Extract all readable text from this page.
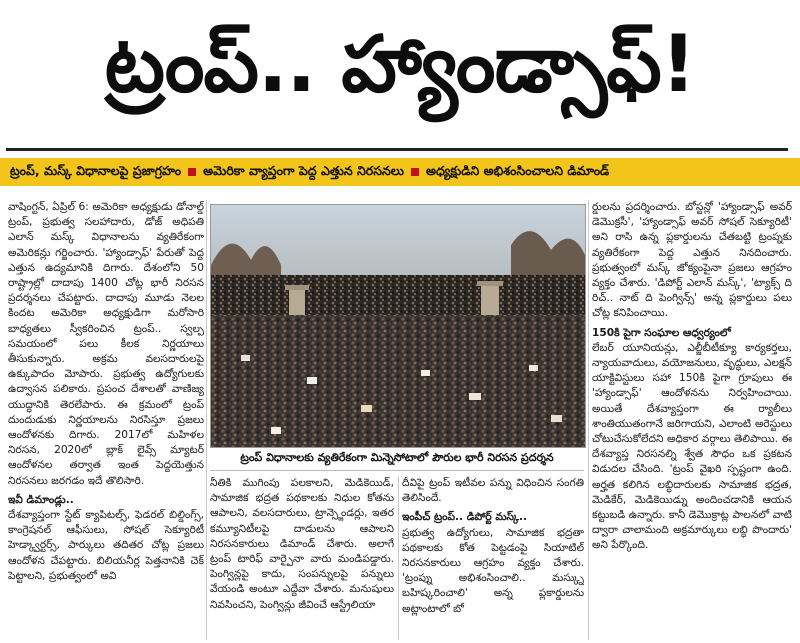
ట్రంప్.. హ్యాండ్సాఫ్!
ట్రంప్, మస్క్ విధానాలపై ప్రజాగ్రహం అమెరికా వ్యాప్తంగా పెద్ద ఎత్తున నిరసనలు అధ్యక్షుడిని అభిశంసించాలని డిమాండ్

వాషింగ్టన్, ఏప్రిల్ 6: అమెరికా అధ్యక్షుడు డోనాల్డ్ ట్రంప్, ప్రభుత్వ సలహాదారు, డోజ్ అధిపతి ఎలాన్ మస్క్ విధానాలను వ్యతిరేకంగా అమెరికన్లు గర్జించారు. 'హ్యాండ్సాఫ్' పేరుతో పెద్ద ఎత్తున ఉద్యమానికి దిగారు. దేశంలోని 50 రాష్ట్రాల్లో దాదాపు 1400 చోట్ల భారీ నిరసన ప్రదర్శనలు చేపట్టారు. దాదాపు మూడు నెలల కిందట అమెరికా అధ్యక్షుడిగా మరోసారి బాధ్యతలు స్వీకరించిన ట్రంప్.. స్వల్ప సమయంలో పలు కీలక నిర్ణయాలు తీసుకున్నారు. అక్రమ వలసదారులపై ఉక్కుపాదం మోపారు. ప్రభుత్వ ఉద్యోగులకు ఉద్వాసన పలికారు. ప్రపంచ దేశాలతో వాణిజ్య యుద్ధానికి తెరలేపారు. ఈ క్రమంలో ట్రంప్ దుందుడుకు నిర్ణయాలను నిరసిస్తూ ప్రజలు ఆందోళనకు దిగారు. 2017లో మహిళల నిరసన, 2020లో బ్లాక్ లైవ్స్ మ్యాటర్ ఆందోళనల తర్వాత ఇంత పెద్దయెత్తున నిరసనలు జరగడం ఇదే తొలిసారి.

ఇవీ డిమాండ్లు..

దేశవ్యాప్తంగా స్టేట్ క్యాపిటల్స్, ఫెడరల్ బిల్డింగ్స్, కాంగ్రెషనల్ ఆఫీసులు, సోషల్ సెక్యూరిటీ హెడ్క్వార్టర్స్, పార్కులు తదితర చోట్ల ప్రజలు ఆందోళన చేపట్టారు. బిలియనీర్ల పెత్తనానికి చెక్ పెట్టాలని, ప్రభుత్వంలో అవి

ట్రంప్ విధానాలకు వ్యతిరేకంగా మిన్నెసోటాలో పౌరుల భారీ నిరసన ప్రదర్శన

నీతికి ముగింపు పలకాలని, మెడికెయిడ్, సామాజిక భద్రత పథకాలకు నిధుల కోతను ఆపాలని, వలసదారులు, ట్రాన్స్జెండర్లు, ఇతర కమ్యూనిటీలపై దాడులను ఆపాలని నిరసనకారులు డిమాండ్ చేశారు. అలాగే ట్రంప్ టారిఫ్ వార్పైనా వారు మండిపడ్డారు. పెంగ్విన్లపై కాదు, సంపన్నులపై పన్నులు వేయండి అంటూ ఎద్దేవా చేశారు. మనుషులు నివసించని, పెంగ్విన్లు జీవించే ఆస్ట్రేలియా

దీవిపై ట్రంప్ ఇటీవల పన్ను విధించిన సంగతి తెలిసిందే.

ఇంపీచ్ ట్రంప్.. డిపోర్ట్ మస్క్..

ప్రభుత్వ ఉద్యోగులు, సామాజిక భద్రతా పథకాలకు కోత పెట్టడంపై సియాటిల్ నిరసనకారులు ఆగ్రహం వ్యక్తం చేశారు. 'ట్రంప్ను అభిశంసించాలి.. మస్క్ను బహిష్కరించాలి' అన్న ప్లకార్డులను అట్లాంటాలో బో

ర్డులను ప్రదర్శించారు. బోస్టన్లో 'హ్యాండ్సాఫ్ అవర్ డెమొక్రసీ', 'హ్యాండ్సాఫ్ అవర్ సోషల్ సెక్యూరిటీ' అని రాసి ఉన్న ప్లకార్డులను చేతబట్టి ట్రంప్నకు వ్యతిరేకంగా పెద్ద ఎత్తున నినదించారు. ప్రభుత్వంలో మస్క్ జోక్యంపైనా ప్రజలు ఆగ్రహం వ్యక్తం చేశారు. 'డిపోర్ట్ ఎలాన్ మస్క్', 'ట్యాక్స్ ది రిచ్.. నాట్ ది పెంగ్విన్స్' అన్న ప్లకార్డులు పలు చోట్ల కనిపించాయి.

150కి పైగా సంఘాల ఆధ్వర్యంలో

లేబర్ యూనియన్లు, ఎల్జీబీటీక్యూ కార్యకర్తలు, న్యాయవాదులు, వయోజనులు, వృద్ధులు, ఎలక్షన్ యాక్టివిస్టులు సహా 150కి పైగా గ్రూపులు ఈ 'హ్యాండ్సాఫ్' ఆందోళనను నిర్వహించాయి. అయితే దేశవ్యాప్తంగా ఈ ర్యాలీలు శాంతియుతంగానే జరిగాయని, ఎలాంటి అరెస్టులు చోటుచేసుకోలేదని అధికార వర్గాలు తెలిపాయి. ఈ దేశవ్యాప్త నిరసనల్ని శ్వేత సౌధం ఒక ప్రకటన విడుదల చేసింది. 'ట్రంప్ వైఖరి స్పష్టంగా ఉంది. అర్హత కలిగిన లబ్ధిదారులకు సామాజిక భద్రత, మెడికేర్, మెడికెయిడ్ను అందించడానికి ఆయన కట్టుబడి ఉన్నారు. కానీ డెమొక్రాట్ల పాలనలో వాటి ద్వారా చాలామంది అక్రమార్కులు లబ్ధి పొందారు' అని పేర్కొంది.
